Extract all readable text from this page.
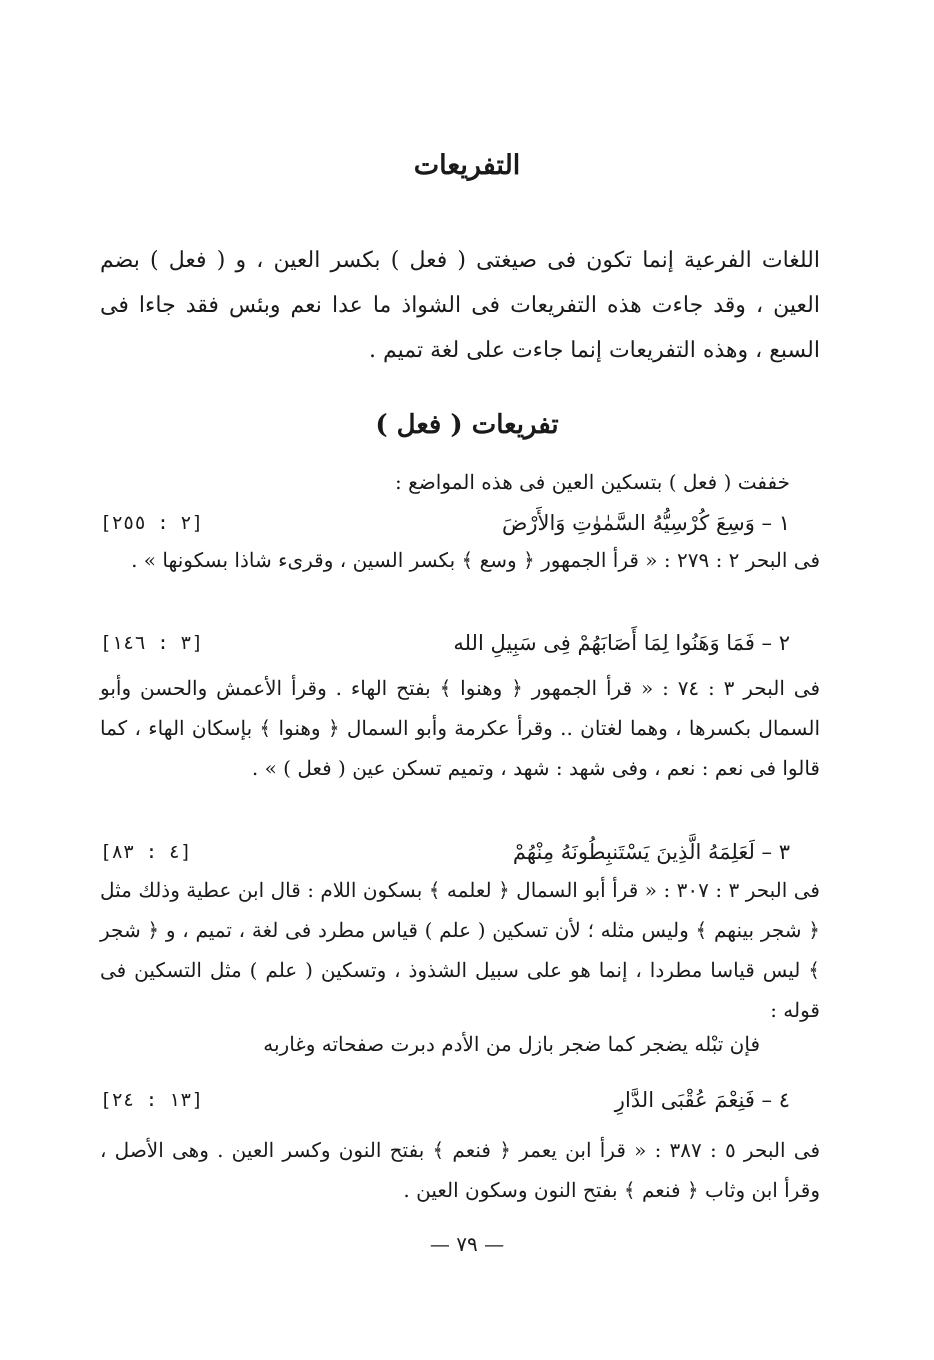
التفريعات
اللغات الفرعية إنما تكون فى صيغتى ( فعل ) بكسر العين ، و ( فعل ) بضم العين ، وقد جاءت هذه التفريعات فى الشواذ ما عدا نعم وبئس فقد جاءا فى السبع ، وهذه التفريعات إنما جاءت على لغة تميم .
تفريعات ( فعل )
خففت ( فعل ) بتسكين العين فى هذه المواضع :
١ – وَسِعَ كُرْسِيُّهُ السَّمٰوٰتِ وَالأَرْضَ
[٢ : ٢٥٥]
فى البحر ٢ : ٢٧٩ : « قرأ الجمهور ﴿ وسع ﴾ بكسر السين ، وقرىء شاذا بسكونها » .
٢ – فَمَا وَهَنُوا لِمَا أَصَابَهُمْ فِى سَبِيلِ الله
[٣ : ١٤٦]
فى البحر ٣ : ٧٤ : « قرأ الجمهور ﴿ وهنوا ﴾ بفتح الهاء . وقرأ الأعمش والحسن وأبو السمال بكسرها ، وهما لغتان .. وقرأ عكرمة وأبو السمال ﴿ وهنوا ﴾ بإسكان الهاء ، كما قالوا فى نعم : نعم ، وفى شهد : شهد ، وتميم تسكن عين ( فعل ) » .
٣ – لَعَلِمَهُ الَّذِينَ يَسْتَنبِطُونَهُ مِنْهُمْ
[٤ : ٨٣]
فى البحر ٣ : ٣٠٧ : « قرأ أبو السمال ﴿ لعلمه ﴾ بسكون اللام : قال ابن عطية وذلك مثل ﴿ شجر بينهم ﴾ وليس مثله ؛ لأن تسكين ( علم ) قياس مطرد فى لغة ، تميم ، و ﴿ شجر ﴾ ليس قياسا مطردا ، إنما هو على سبيل الشذوذ ، وتسكين ( علم ) مثل التسكين فى قوله :
فإن تبْله يضجر كما ضجر بازل من الأدم دبرت صفحاته وغاربه
٤ – فَنِعْمَ عُقْبَى الدَّارِ
[١٣ : ٢٤]
فى البحر ٥ : ٣٨٧ : « قرأ ابن يعمر ﴿ فنعم ﴾ بفتح النون وكسر العين . وهى الأصل ، وقرأ ابن وثاب ﴿ فنعم ﴾ بفتح النون وسكون العين .
— ٧٩ —
